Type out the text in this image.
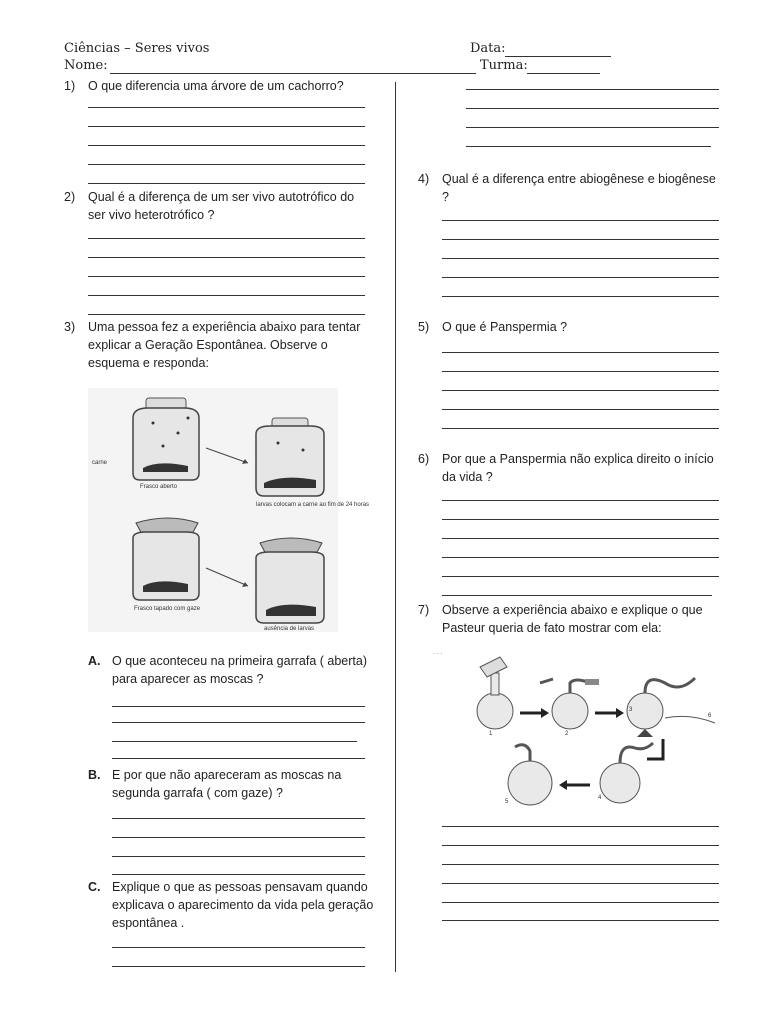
Ciências – Seres vivos	Data:
Nome:	Turma:
1) O que diferencia uma árvore de um cachorro?
2) Qual é a diferença de um ser vivo autotrófico do ser vivo heterotrófico ?
3) Uma pessoa fez a experiência abaixo para tentar explicar a Geração Espontânea. Observe o esquema e responda:
carne
Frasco aberto
larvas colocam a carne ao fim de 24 horas
Frasco tapado com gaze
ausência de larvas
A. O que aconteceu na primeira garrafa ( aberta) para aparecer as moscas ?
B. E por que não apareceram as moscas na segunda garrafa ( com gaze) ?
C. Explique o que as pessoas pensavam quando explicava o aparecimento da vida pela geração espontânea .
4) Qual é a diferença entre abiogênese e biogênese ?
5) O que é Panspermia ?
6) Por que a Panspermia não explica direito o início da vida ?
7) Observe a experiência abaixo e explique o que Pasteur queria de fato mostrar com ela:
· · ·
1	2
3
5
4
6
